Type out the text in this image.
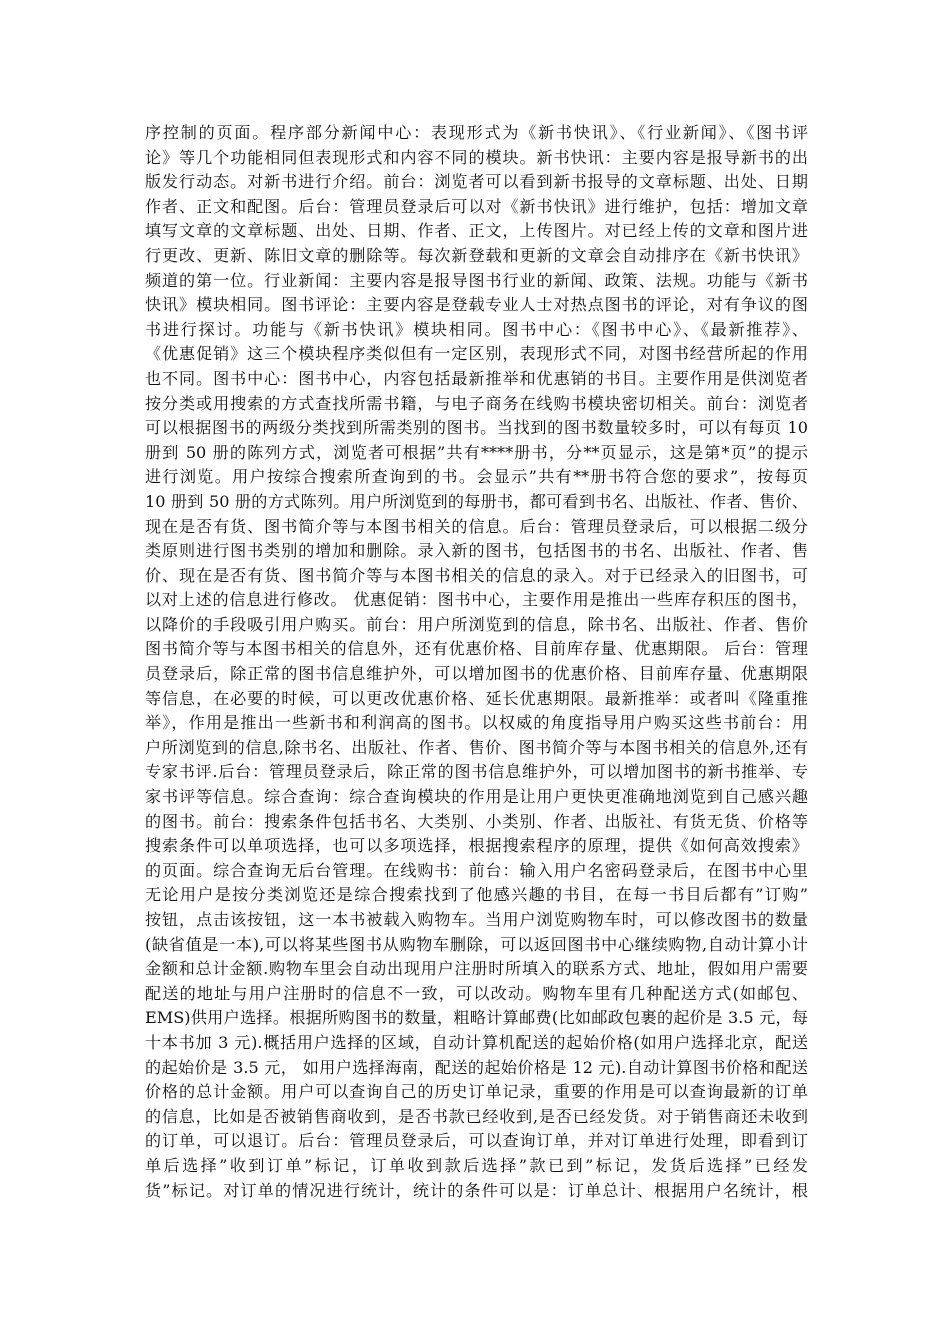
序控制的页面。程序部分新闻中心：表现形式为《新书快讯》、《行业新闻》、《图书评
论》等几个功能相同但表现形式和内容不同的模块。新书快讯：主要内容是报导新书的出
版发行动态。对新书进行介绍。前台：浏览者可以看到新书报导的文章标题、出处、日期
作者、正文和配图。后台：管理员登录后可以对《新书快讯》进行维护，包括：增加文章
填写文章的文章标题、出处、日期、作者、正文，上传图片。对已经上传的文章和图片进
行更改、更新、陈旧文章的删除等。每次新登载和更新的文章会自动排序在《新书快讯》
频道的第一位。行业新闻：主要内容是报导图书行业的新闻、政策、法规。功能与《新书
快讯》模块相同。图书评论：主要内容是登载专业人士对热点图书的评论，对有争议的图
书进行探讨。功能与《新书快讯》模块相同。图书中心：《图书中心》、《最新推荐》、
《优惠促销》这三个模块程序类似但有一定区别，表现形式不同，对图书经营所起的作用
也不同。图书中心：图书中心，内容包括最新推举和优惠销的书目。主要作用是供浏览者
按分类或用搜索的方式查找所需书籍，与电子商务在线购书模块密切相关。前台：浏览者
可以根据图书的两级分类找到所需类别的图书。当找到的图书数量较多时，可以有每页 10
册到 50 册的陈列方式，浏览者可根据”共有****册书，分**页显示，这是第*页”的提示
进行浏览。用户按综合搜索所查询到的书。会显示”共有**册书符合您的要求”，按每页
10 册到 50 册的方式陈列。用户所浏览到的每册书，都可看到书名、出版社、作者、售价、
现在是否有货、图书简介等与本图书相关的信息。后台：管理员登录后，可以根据二级分
类原则进行图书类别的增加和删除。录入新的图书，包括图书的书名、出版社、作者、售
价、现在是否有货、图书简介等与本图书相关的信息的录入。对于已经录入的旧图书，可
以对上述的信息进行修改。 优惠促销：图书中心，主要作用是推出一些库存积压的图书，
以降价的手段吸引用户购买。前台：用户所浏览到的信息，除书名、出版社、作者、售价
图书简介等与本图书相关的信息外，还有优惠价格、目前库存量、优惠期限。 后台：管理
员登录后，除正常的图书信息维护外，可以增加图书的优惠价格、目前库存量、优惠期限
等信息，在必要的时候，可以更改优惠价格、延长优惠期限。最新推举：或者叫《隆重推
举》，作用是推出一些新书和利润高的图书。以权威的角度指导用户购买这些书前台：用
户所浏览到的信息,除书名、出版社、作者、售价、图书简介等与本图书相关的信息外,还有
专家书评.后台：管理员登录后，除正常的图书信息维护外，可以增加图书的新书推举、专
家书评等信息。综合查询：综合查询模块的作用是让用户更快更准确地浏览到自己感兴趣
的图书。前台：搜索条件包括书名、大类别、小类别、作者、出版社、有货无货、价格等
搜索条件可以单项选择，也可以多项选择，根据搜索程序的原理，提供《如何高效搜索》
的页面。综合查询无后台管理。在线购书：前台：输入用户名密码登录后，在图书中心里
无论用户是按分类浏览还是综合搜索找到了他感兴趣的书目，在每一书目后都有”订购”
按钮，点击该按钮，这一本书被载入购物车。当用户浏览购物车时，可以修改图书的数量
(缺省值是一本),可以将某些图书从购物车删除，可以返回图书中心继续购物,自动计算小计
金额和总计金额.购物车里会自动出现用户注册时所填入的联系方式、地址，假如用户需要
配送的地址与用户注册时的信息不一致，可以改动。购物车里有几种配送方式(如邮包、
EMS)供用户选择。根据所购图书的数量，粗略计算邮费(比如邮政包裹的起价是 3.5 元，每
十本书加 3 元).概括用户选择的区域，自动计算机配送的起始价格(如用户选择北京，配送
的起始价是 3.5 元， 如用户选择海南，配送的起始价格是 12 元).自动计算图书价格和配送
价格的总计金额。用户可以查询自己的历史订单记录，重要的作用是可以查询最新的订单
的信息，比如是否被销售商收到，是否书款已经收到,是否已经发货。对于销售商还未收到
的订单，可以退订。后台：管理员登录后，可以查询订单，并对订单进行处理，即看到订
单后选择”收到订单”标记，订单收到款后选择”款已到”标记，发货后选择”已经发
货”标记。对订单的情况进行统计，统计的条件可以是：订单总计、根据用户名统计，根
